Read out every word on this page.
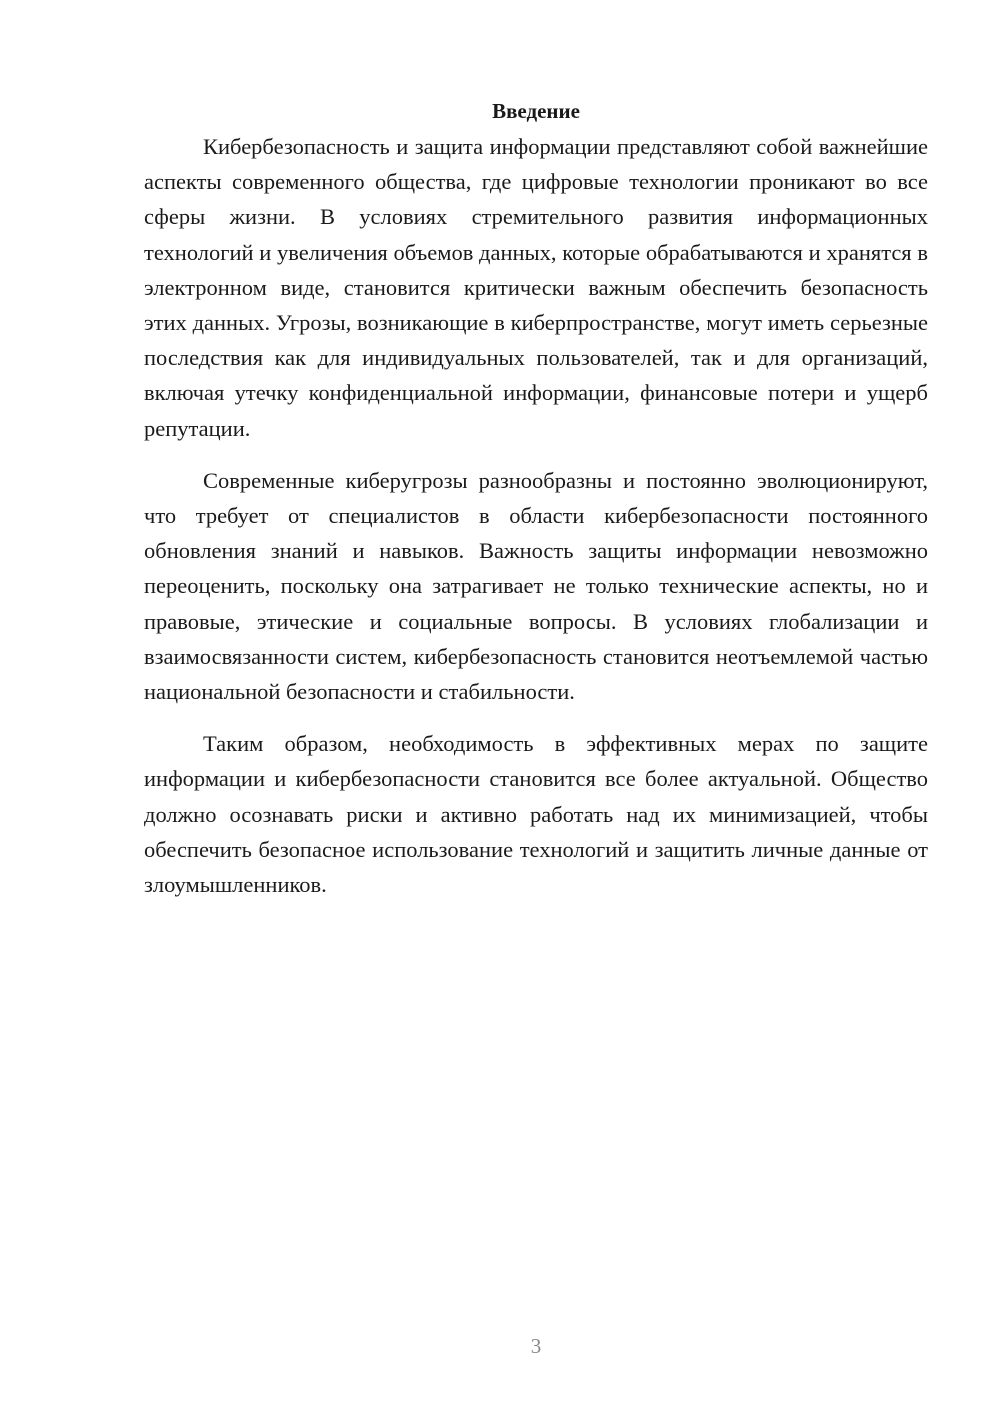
Введение

Кибербезопасность и защита информации представляют собой важнейшие аспекты современного общества, где цифровые технологии проникают во все сферы жизни. В условиях стремительного развития информационных технологий и увеличения объемов данных, которые обрабатываются и хранятся в электронном виде, становится критически важным обеспечить безопасность этих данных. Угрозы, возникающие в киберпространстве, могут иметь серьезные последствия как для индивидуальных пользователей, так и для организаций, включая утечку конфиденциальной информации, финансовые потери и ущерб репутации.

Современные киберугрозы разнообразны и постоянно эволюционируют, что требует от специалистов в области кибербезопасности постоянного обновления знаний и навыков. Важность защиты информации невозможно переоценить, поскольку она затрагивает не только технические аспекты, но и правовые, этические и социальные вопросы. В условиях глобализации и взаимосвязанности систем, кибербезопасность становится неотъемлемой частью национальной безопасности и стабильности.

Таким образом, необходимость в эффективных мерах по защите информации и кибербезопасности становится все более актуальной. Общество должно осознавать риски и активно работать над их минимизацией, чтобы обеспечить безопасное использование технологий и защитить личные данные от злоумышленников.

3
